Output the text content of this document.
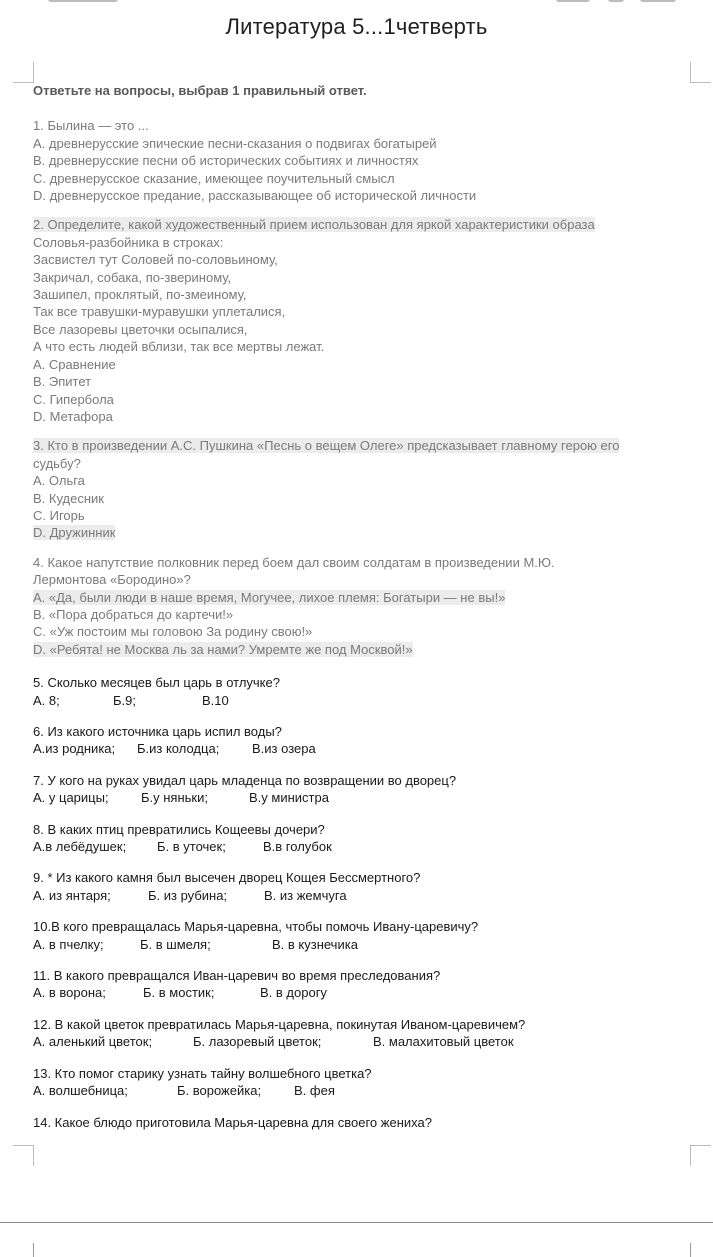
Литература 5...1четверть
Ответьте на вопросы, выбрав 1 правильный ответ.
1. Былина — это ...
A. древнерусские эпические песни-сказания о подвигах богатырей
B. древнерусские песни об исторических событиях и личностях
C. древнерусское сказание, имеющее поучительный смысл
D. древнерусское предание, рассказывающее об исторической личности
2. Определите, какой художественный прием использован для яркой характеристики образа
Соловья-разбойника в строках:
Засвистел тут Соловей по-соловьиному,
Закричал, собака, по-звериному,
Зашипел, проклятый, по-змеиному,
Так все травушки-муравушки уплеталися,
Все лазоревы цветочки осыпалися,
А что есть людей вблизи, так все мертвы лежат.
A. Сравнение
B. Эпитет
C. Гипербола
D. Метафора
3. Кто в произведении А.С. Пушкина «Песнь о вещем Олеге» предсказывает главному герою его
судьбу?
A. Ольга
B. Кудесник
C. Игорь
D. Дружинник
4. Какое напутствие полковник перед боем дал своим солдатам в произведении М.Ю.
Лермонтова «Бородино»?
A. «Да, были люди в наше время, Могучее, лихое племя: Богатыри — не вы!»
B. «Пора добраться до картечи!»
C. «Уж постоим мы головою За родину свою!»
D. «Ребята! не Москва ль за нами? Умремте же под Москвой!»
5. Сколько месяцев был царь в отлучке?
А. 8;	Б.9;	В.10
6. Из какого источника царь испил воды?
А.из родника;	Б.из колодца;	В.из озера
7. У кого на руках увидал царь младенца по возвращении во дворец?
А. у царицы;	Б.у няньки;	В.у министра
8. В каких птиц превратились Кощеевы дочери?
А.в лебёдушек;	Б. в уточек;	В.в голубок
9. * Из какого камня был высечен дворец Кощея Бессмертного?
А. из янтаря;	Б. из рубина;	В. из жемчуга
10.В кого превращалась Марья-царевна, чтобы помочь Ивану-царевичу?
А. в пчелку;	Б. в шмеля;	В. в кузнечика
11. В какого превращался Иван-царевич во время преследования?
А. в ворона;	Б. в мостик;	В. в дорогу
12. В какой цветок превратилась Марья-царевна, покинутая Иваном-царевичем?
А. аленький цветок;	Б. лазоревый цветок;	В. малахитовый цветок
13. Кто помог старику узнать тайну волшебного цветка?
А. волшебница;	Б. ворожейка;	В. фея
14. Какое блюдо приготовила Марья-царевна для своего жениха?
